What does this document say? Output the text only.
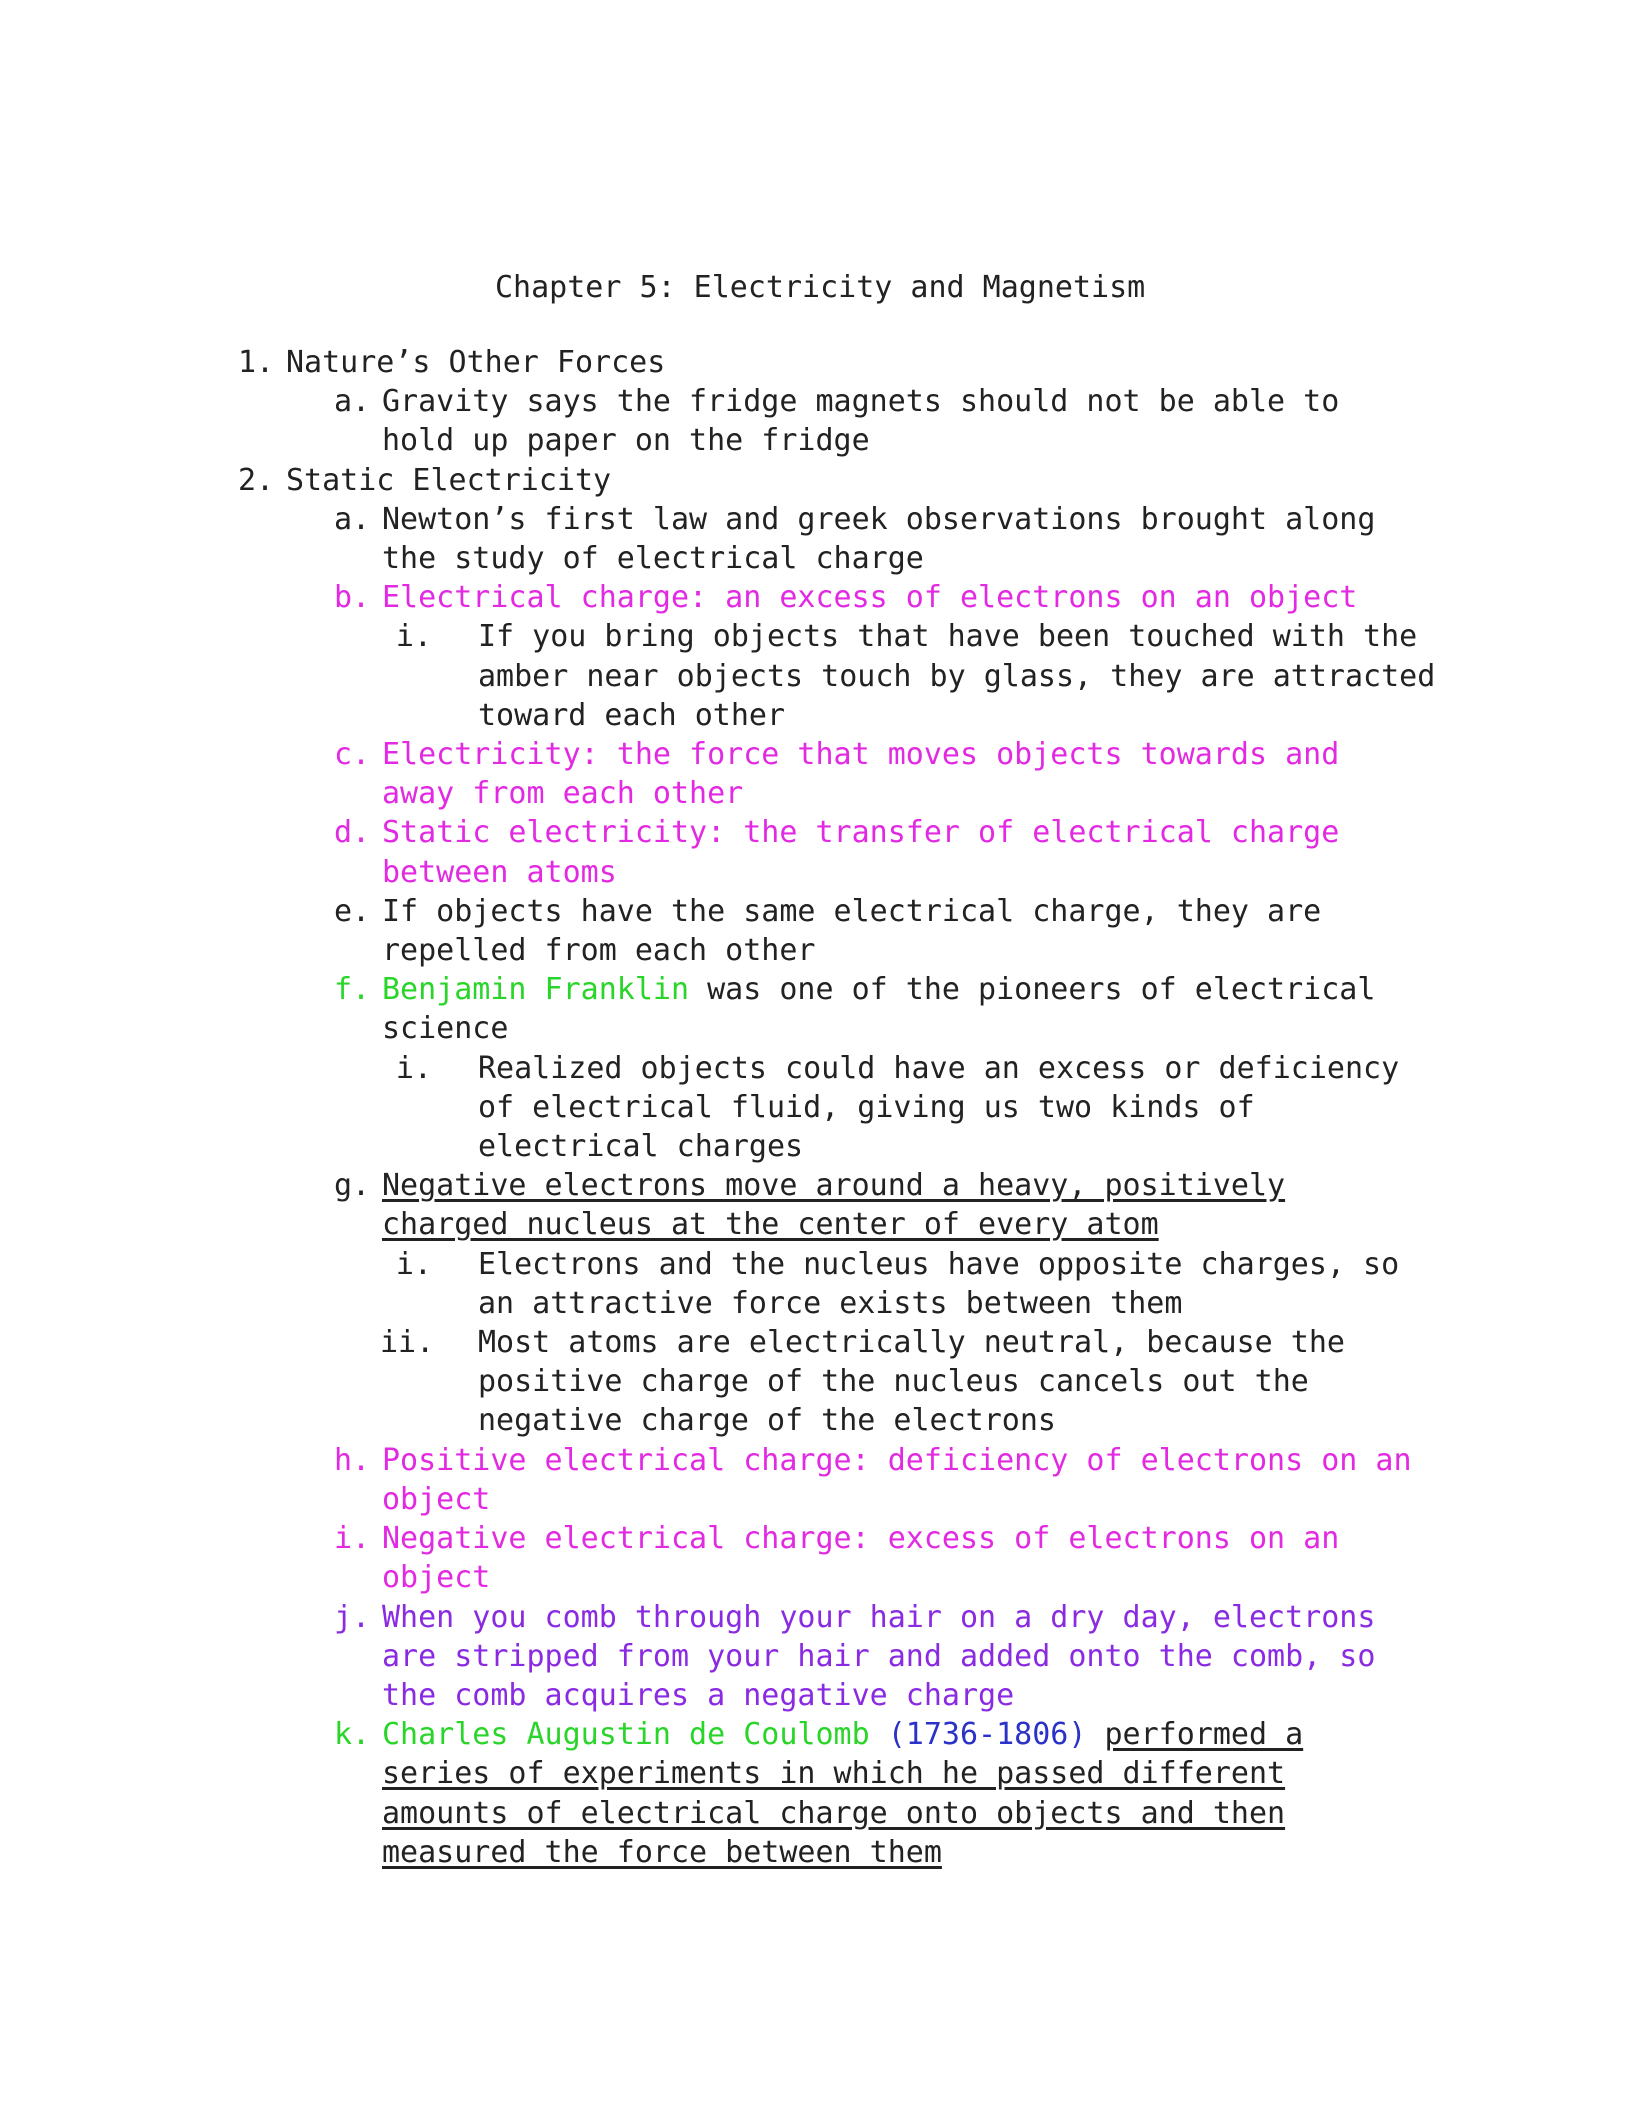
Chapter 5: Electricity and Magnetism
1. Nature’s Other Forces
a. Gravity says the fridge magnets should not be able to hold up paper on the fridge
2. Static Electricity
a. Newton’s first law and greek observations brought along the study of electrical charge
b. Electrical charge: an excess of electrons on an object
i. If you bring objects that have been touched with the amber near objects touch by glass, they are attracted toward each other
c. Electricity: the force that moves objects towards and away from each other
d. Static electricity: the transfer of electrical charge between atoms
e. If objects have the same electrical charge, they are repelled from each other
f. Benjamin Franklin was one of the pioneers of electrical science
i. Realized objects could have an excess or deficiency of electrical fluid, giving us two kinds of electrical charges
g. Negative electrons move around a heavy, positively charged nucleus at the center of every atom
i. Electrons and the nucleus have opposite charges, so an attractive force exists between them
ii. Most atoms are electrically neutral, because the positive charge of the nucleus cancels out the negative charge of the electrons
h. Positive electrical charge: deficiency of electrons on an object
i. Negative electrical charge: excess of electrons on an object
j. When you comb through your hair on a dry day, electrons are stripped from your hair and added onto the comb, so the comb acquires a negative charge
k. Charles Augustin de Coulomb (1736-1806) performed a series of experiments in which he passed different amounts of electrical charge onto objects and then measured the force between them
